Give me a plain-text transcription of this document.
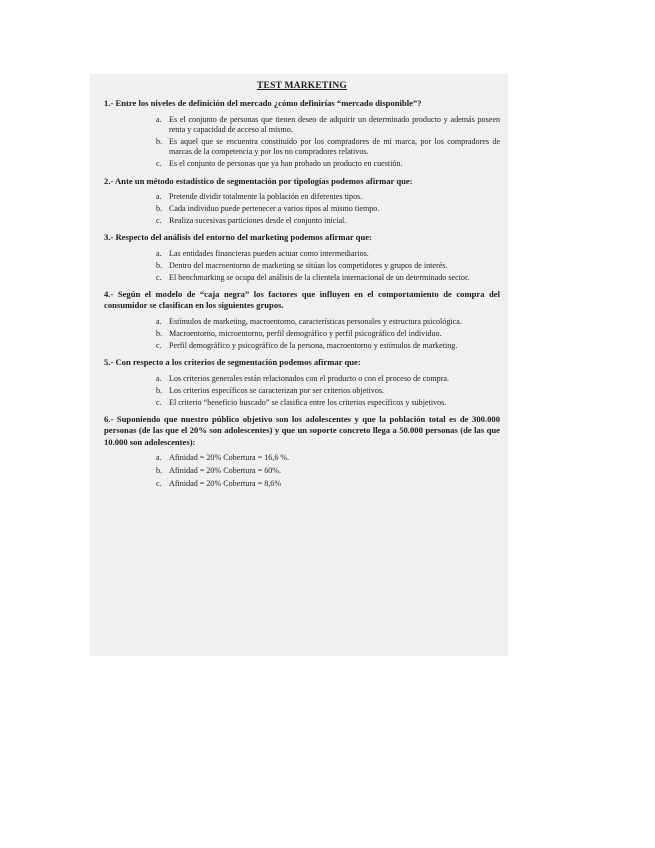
TEST MARKETING
1.- Entre los niveles de definición del mercado ¿cómo definirías “mercado disponible”?
a. Es el conjunto de personas que tienen deseo de adquirir un determinado producto y además poseen renta y capacidad de acceso al mismo.
b. Es aquel que se encuentra constituido por los compradores de mi marca, por los compradores de marcas de la competencia y por los no compradores relativos.
c. Es el conjunto de personas que ya han probado un producto en cuestión.
2.- Ante un método estadístico de segmentación por tipologías podemos afirmar que:
a. Pretende dividir totalmente la población en diferentes tipos.
b. Cada individuo puede pertenecer a varios tipos al mismo tiempo.
c. Realiza sucesivas particiones desde el conjunto inicial.
3.- Respecto del análisis del entorno del marketing podemos afirmar que:
a. Las entidades financieras pueden actuar como intermediarios.
b. Dentro del macroentorno de marketing se sitúan los competidores y grupos de interés.
c. El benchmarking se ocupa del análisis de la clientela internacional de un determinado sector.
4.- Según el modelo de “caja negra” los factores que influyen en el comportamiento de compra del consumidor se clasifican en los siguientes grupos.
a. Estímulos de marketing, macroentorno, características personales y estructura psicológica.
b. Macroentorno, microentorno, perfil demográfico y perfil psicográfico del individuo.
c. Perfil demográfico y psicográfico de la persona, macroentorno y estímulos de marketing.
5.- Con respecto a los criterios de segmentación podemos afirmar que:
a. Los criterios generales están relacionados con el producto o con el proceso de compra.
b. Los criterios específicos se caracterizan por ser criterios objetivos.
c. El criterio “beneficio buscado” se clasifica entre los criterios específicos y subjetivos.
6.- Suponiendo que nuestro público objetivo son los adolescentes y que la población total es de 300.000 personas (de las que el 20% son adolescentes) y que un soporte concreto llega a 50.000 personas (de las que 10.000 son adolescentes):
a. Afinidad = 20% Cobertura = 16,6 %.
b. Afinidad = 20% Cobertura = 60%.
c. Afinidad = 20% Cobertura = 8,6%
